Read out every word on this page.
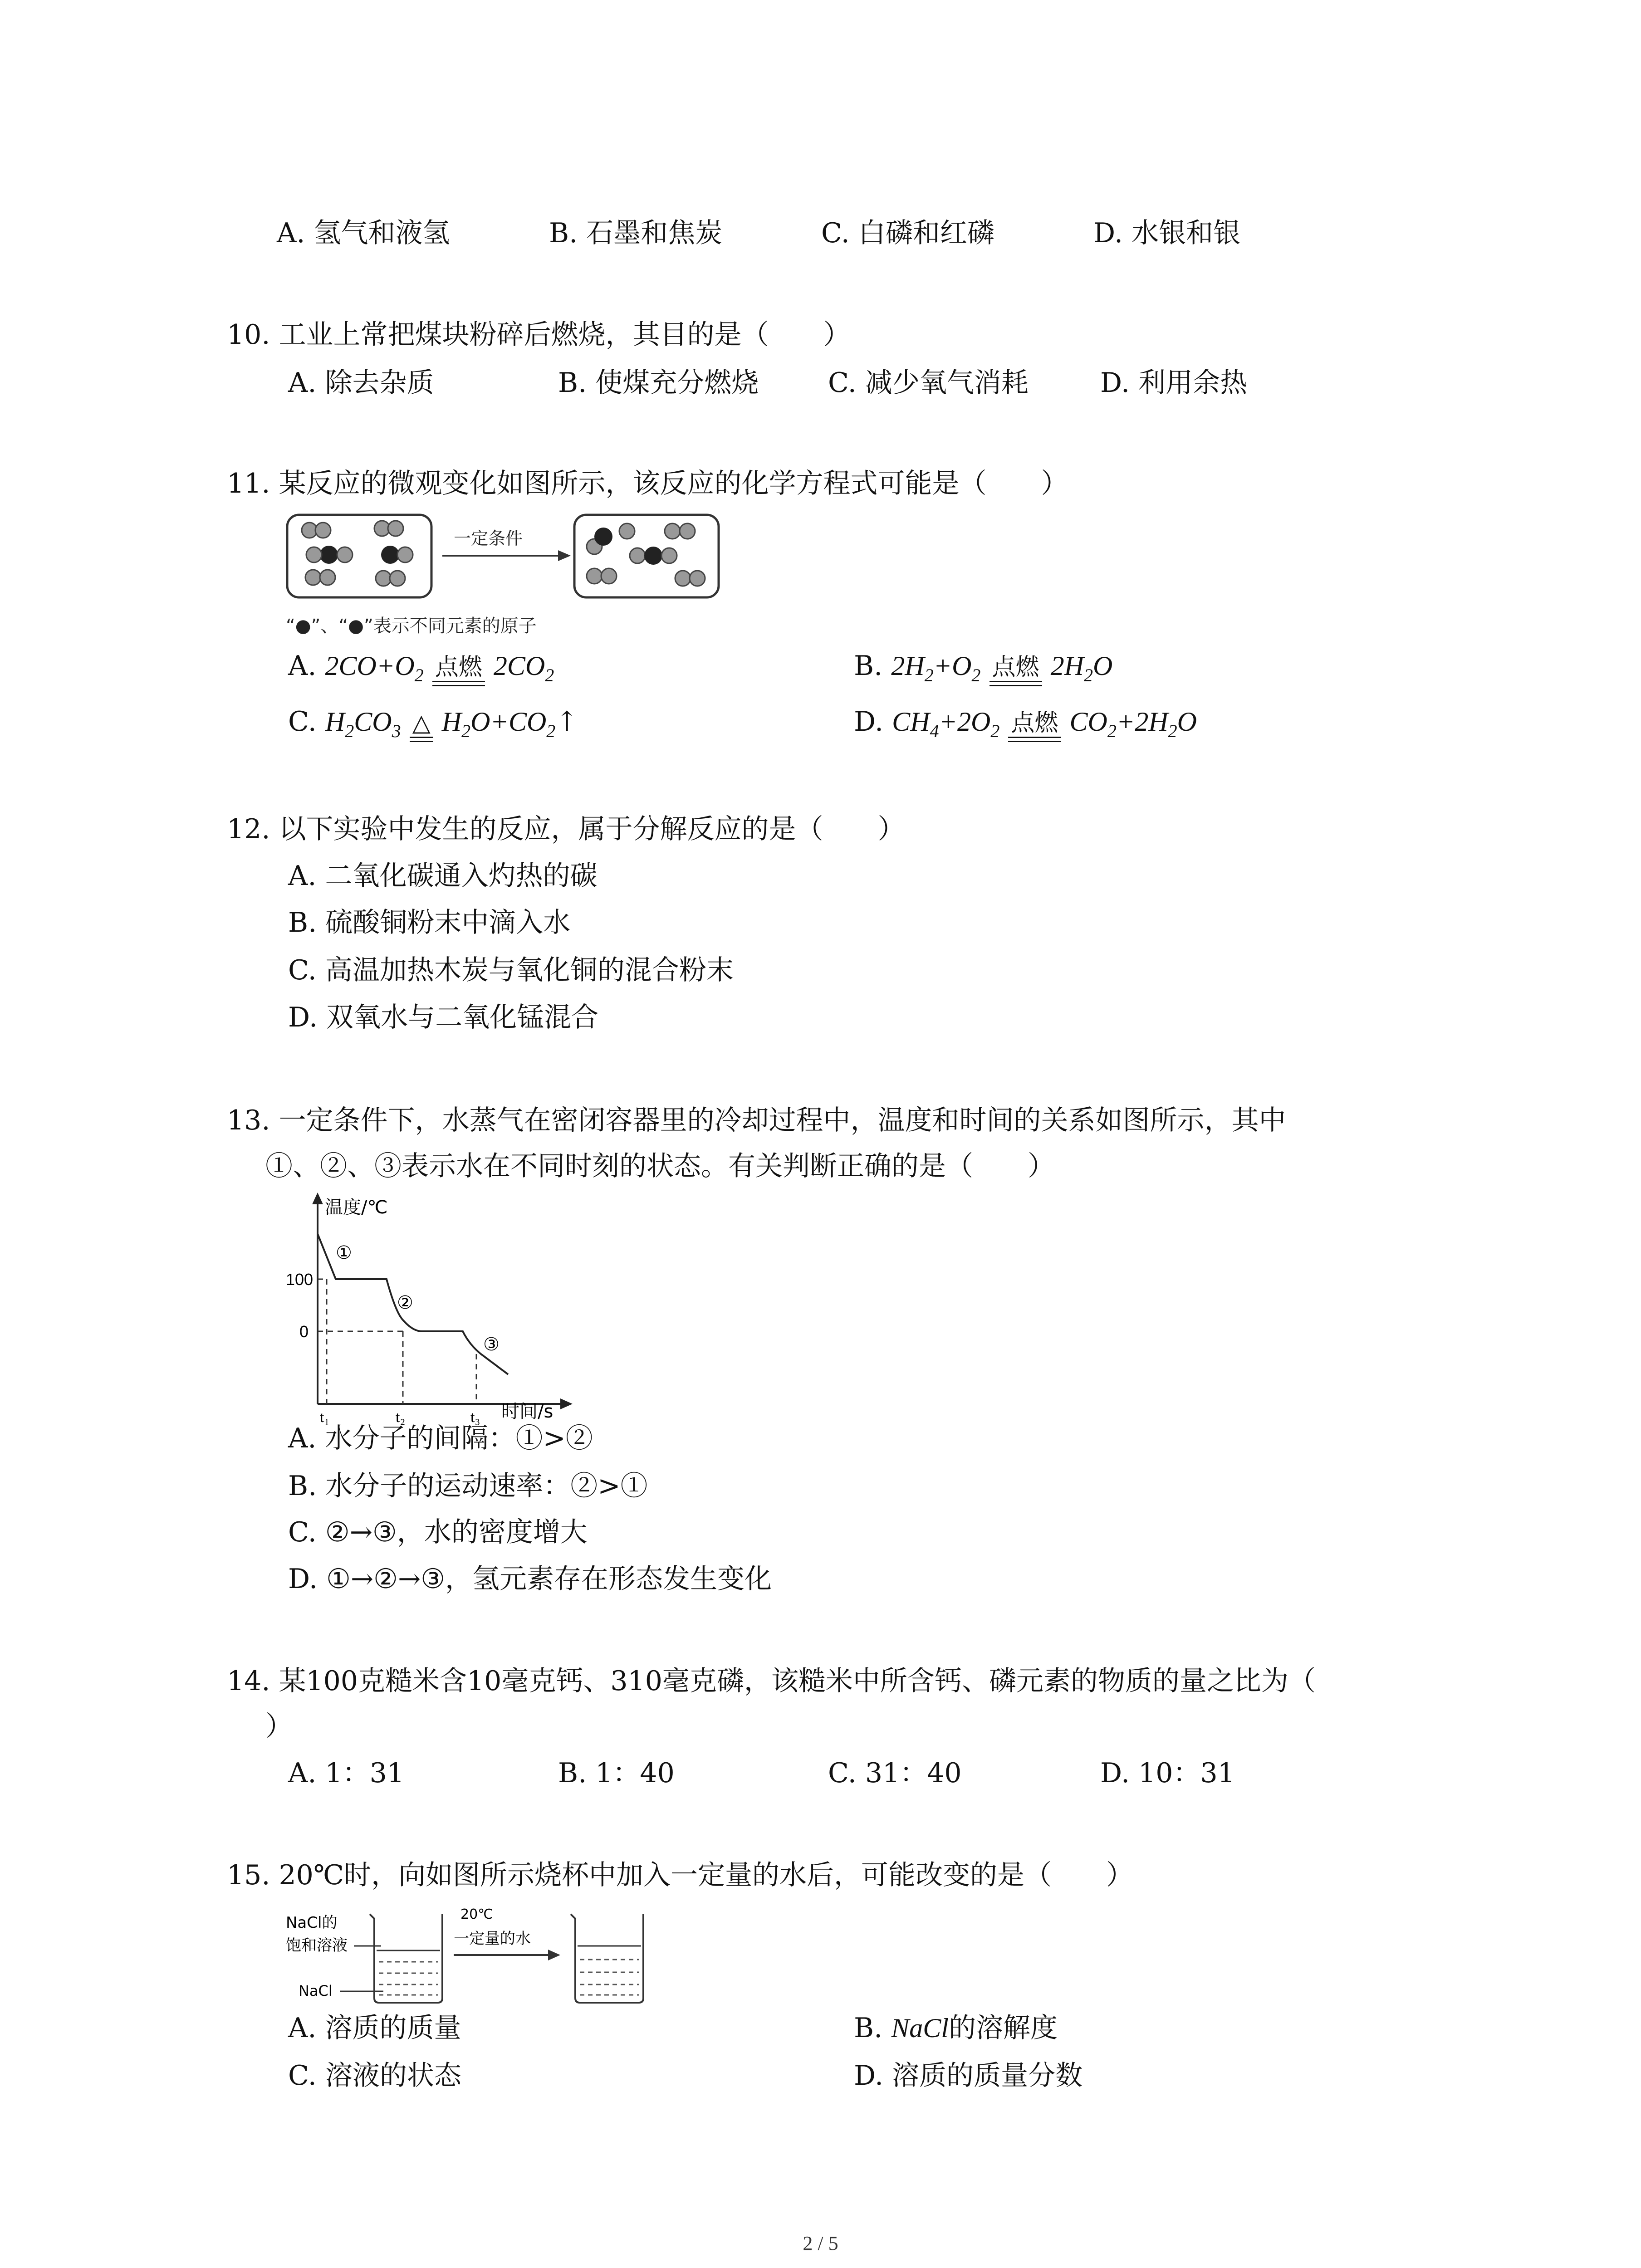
A. 氢气和液氢	B. 石墨和焦炭	C. 白磷和红磷	D. 水银和银
10. 工业上常把煤块粉碎后燃烧，其目的是（　　）
A. 除去杂质	B. 使煤充分燃烧	C. 减少氧气消耗	D. 利用余热
11. 某反应的微观变化如图所示，该反应的化学方程式可能是（　　）
一定条件
“●”、“●”表示不同元素的原子
A. $2CO+O_2$ 点燃 $2CO_2$	B. $2H_2+O_2$ 点燃 $2H_2O$
C. $H_2CO_3$ △ $H_2O+CO_2↑$	D. $CH_4+2O_2$ 点燃 $CO_2+2H_2O$
12. 以下实验中发生的反应，属于分解反应的是（　　）
A. 二氧化碳通入灼热的碳
B. 硫酸铜粉末中滴入水
C. 高温加热木炭与氧化铜的混合粉末
D. 双氧水与二氧化锰混合
13. 一定条件下，水蒸气在密闭容器里的冷却过程中，温度和时间的关系如图所示，其中
①、②、③表示水在不同时刻的状态。有关判断正确的是（　　）
温度/℃
时间/s
100
0
t₁	t₂	t₃
①
②
③
A. 水分子的间隔：①>②
B. 水分子的运动速率：②>①
C. ②→③，水的密度增大
D. ①→②→③，氢元素存在形态发生变化
14. 某100克糙米含10毫克钙、310毫克磷，该糙米中所含钙、磷元素的物质的量之比为（
）
A. 1：31	B. 1：40	C. 31：40	D. 10：31
15. 20℃时，向如图所示烧杯中加入一定量的水后，可能改变的是（　　）
NaCl的
饱和溶液
NaCl
20℃
一定量的水
A. 溶质的质量	B. NaCl的溶解度
C. 溶液的状态	D. 溶质的质量分数
2 / 5
